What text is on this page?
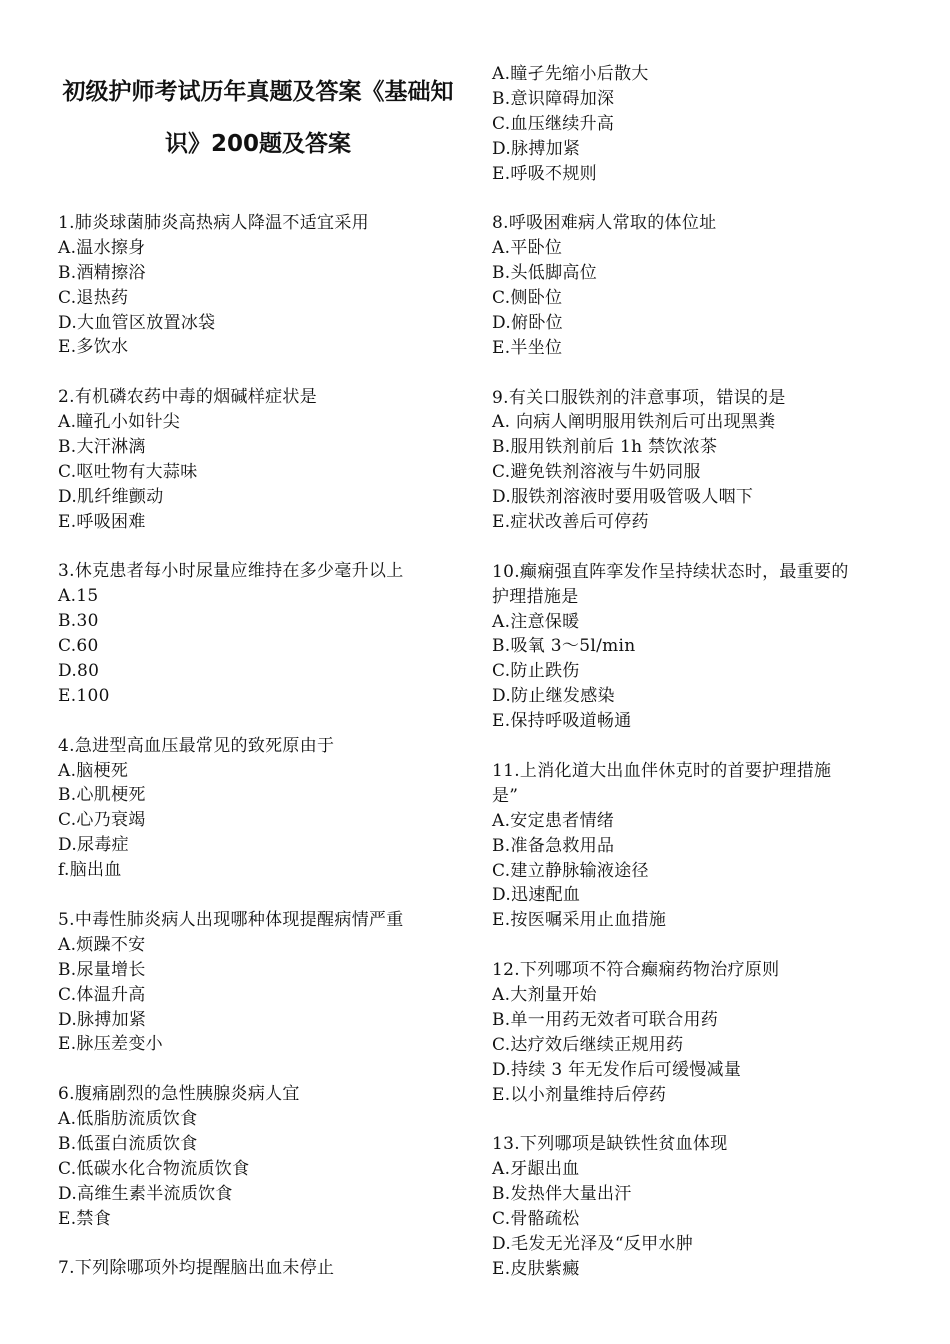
初级护师考试历年真题及答案《基础知识》200题及答案
1.肺炎球菌肺炎高热病人降温不适宜采用
A.温水擦身
B.酒精擦浴
C.退热药
D.大血管区放置冰袋
E.多饮水
2.有机磷农药中毒的烟碱样症状是
A.瞳孔小如针尖
B.大汗淋漓
C.呕吐物有大蒜味
D.肌纤维颤动
E.呼吸困难
3.休克患者每小时尿量应维持在多少毫升以上
A.15
B.30
C.60
D.80
E.100
4.急进型高血压最常见的致死原由于
A.脑梗死
B.心肌梗死
C.心乃衰竭
D.尿毒症
f.脑出血
5.中毒性肺炎病人出现哪种体现提醒病情严重
A.烦躁不安
B.尿量增长
C.体温升高
D.脉搏加紧
E.脉压差变小
6.腹痛剧烈的急性胰腺炎病人宜
A.低脂肪流质饮食
B.低蛋白流质饮食
C.低碳水化合物流质饮食
D.高维生素半流质饮食
E.禁食
7.下列除哪项外均提醒脑出血未停止
A.瞳孑先缩小后散大
B.意识障碍加深
C.血压继续升高
D.脉搏加紧
E.呼吸不规则
8.呼吸困难病人常取的体位址
A.平卧位
B.头低脚高位
C.侧卧位
D.俯卧位
E.半坐位
9.有关口服铁剂的沣意事项，错误的是
A. 向病人阐明服用铁剂后可出现黑粪
B.服用铁剂前后 1h 禁饮浓茶
C.避免铁剂溶液与牛奶同服
D.服铁剂溶液时要用吸管吸人咽下
E.症状改善后可停药
10.癫痫强直阵挛发作呈持续状态时，最重要的
护理措施是
A.注意保暖
B.吸氧 3～5l/min
C.防止跌伤
D.防止继发感染
E.保持呼吸道畅通
11.上消化道大出血伴休克时的首要护理措施
是”
A.安定患者情绪
B.准备急救用品
C.建立静脉输液途径
D.迅速配血
E.按医嘱采用止血措施
12.下列哪项不符合癫痫药物治疗原则
A.大剂量开始
B.单一用药无效者可联合用药
C.达疗效后继续正规用药
D.持续 3 年无发作后可缓慢减量
E.以小剂量维持后停药
13.下列哪项是缺铁性贫血体现
A.牙龈出血
B.发热伴大量出汗
C.骨骼疏松
D.毛发无光泽及“反甲水肿
E.皮肤紫癜
